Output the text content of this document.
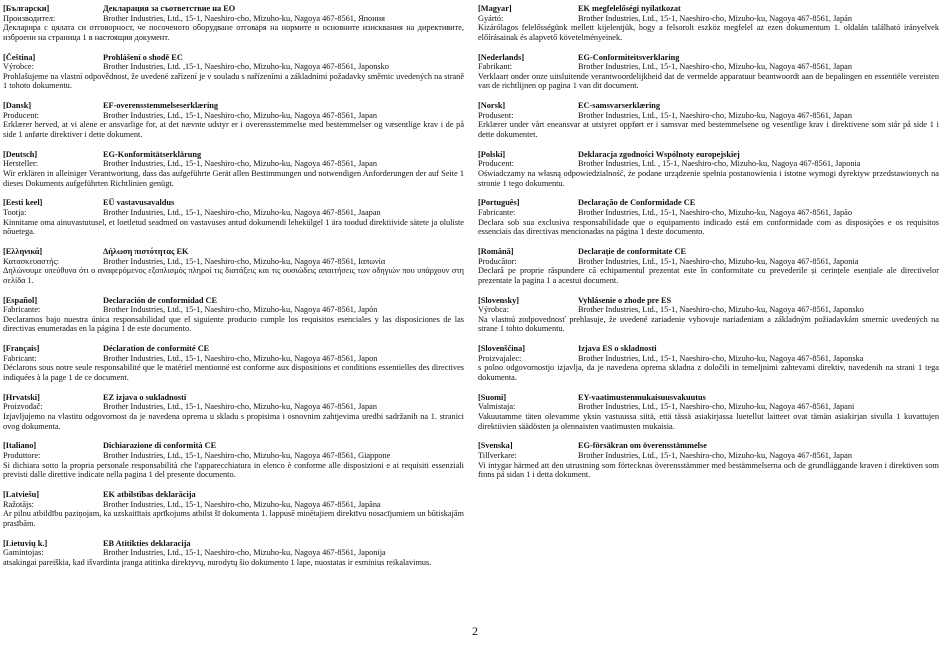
[Български]	Декларация за съответствие на ЕО
Производител:	Brother Industries, Ltd., 15-1, Naeshiro-cho, Mizuho-ku, Nagoya 467-8561, Япония
Декларира с цялата си отговорност, че посоченото оборудване отговаря на нормите и основните изисквания на директивите, изброени на страница 1 в настоящия документ.
[Čeština]	Prohlášení o shodě EC
Výrobce:	Brother Industries, Ltd. ,15-1, Naeshiro-cho, Mizuho-ku, Nagoya 467-8561, Japonsko
Prohlašujeme na vlastní odpovědnost, že uvedené zařízení je v souladu s nařízeními a základními požadavky směrnic uvedených na straně 1 tohoto dokumentu.
[Dansk]	EF-overensstemmelseserklæring
Producent:	Brother Industries, Ltd., 15-1, Naeshiro-cho, Mizuho-ku, Nagoya 467-8561, Japan
Erklærer herved, at vi alene er ansvarlige for, at det nævnte udstyr er i overensstemmelse med bestemmelser og væsentlige krav i de på side 1 anførte direktiver i dette dokument.
[Deutsch]	EG-Konformitätserklärung
Hersteller:	Brother Industries, Ltd., 15-1, Naeshiro-cho, Mizuho-ku, Nagoya 467-8561, Japan
Wir erklären in alleiniger Verantwortung, dass das aufgeführte Gerät allen Bestimmungen und notwendigen Anforderungen der auf Seite 1 dieses Dokuments aufgeführten Richtlinien genügt.
[Eesti keel]	EÜ vastavusavaldus
Tootja:	Brother Industries, Ltd., 15-1, Naeshiro-cho, Mizuho-ku, Nagoya 467-8561, Jaapan
Kinnitame oma ainuvastutusel, et loetletud seadmed on vastavuses antud dokumendi lehekülgel 1 ära toodud direktiivide sätete ja oluliste nõuetega.
[Ελληνικά]	Δήλωση πιστότητας ΕΚ
Κατασκευαστής:	Brother Industries, Ltd., 15-1, Naeshiro-cho, Mizuho-ku, Nagoya 467-8561, Ιαπωνία
Δηλώνουμε υπεύθυνα ότι ο αναφερόμενος εξοπλισμός πληροί τις διατάξεις και τις ουσιώδεις απαιτήσεις των οδηγιών που υπάρχουν στη σελίδα 1.
[Español]	Declaración de conformidad CE
Fabricante:	Brother Industries, Ltd., 15-1, Naeshiro-cho, Mizuho-ku, Nagoya 467-8561, Japón
Declaramos bajo nuestra única responsabilidad que el siguiente producto cumple los requisitos esenciales y las disposiciones de las directivas enumeradas en la página 1 de este documento.
[Français]	Déclaration de conformité CE
Fabricant:	Brother Industries, Ltd., 15-1, Naeshiro-cho, Mizuho-ku, Nagoya 467-8561, Japon
Déclarons sous notre seule responsabilité que le matériel mentionné est conforme aux dispositions et conditions essentielles des directives indiquées à la page 1 de ce document.
[Hrvatski]	EZ izjava o sukladnosti
Proizvođač:	Brother Industries, Ltd., 15-1, Naeshiro-cho, Mizuho-ku, Nagoya 467-8561, Japan
Izjavljujemo na vlastitu odgovornost da je navedena oprema u skladu s propisima i osnovnim zahtjevima uredbi sadržanih na 1. stranici ovog dokumenta.
[Italiano]	Dichiarazione di conformità CE
Produttore:	Brother Industries, Ltd., 15-1, Naeshiro-cho, Mizuho-ku, Nagoya 467-8561, Giappone
Si dichiara sotto la propria personale responsabilità che l'apparecchiatura in elenco è conforme alle disposizioni e ai requisiti essenziali previsti dalle direttive indicate nella pagina 1 del presente documento.
[Latviešu]	EK atbilstības deklarācija
Ražotājs:	Brother Industries, Ltd., 15-1, Naeshiro-cho, Mizuho-ku, Nagoya 467-8561, Japāna
Ar pilnu atbildību paziņojam, ka uzskaitītais aprīkojums atbilst šī dokumenta 1. lappusē minētajiem direktīvu nosacījumiem un būtiskajām prasībām.
[Lietuvių k.]	EB Atitikties deklaracija
Gamintojas:	Brother Industries, Ltd., 15-1, Naeshiro-cho, Mizuho-ku, Nagoya 467-8561, Japonija
atsakingai pareiškia, kad išvardinta įranga atitinka direktyvų, nurodytų šio dokumento 1 lape, nuostatas ir esminius reikalavimus.
[Magyar]	EK megfelelőségi nyilatkozat
Gyártó:	Brother Industries, Ltd., 15-1, Naeshiro-cho, Mizuho-ku, Nagoya 467-8561, Japán
Kizárólagos felelősségünk mellett kijelentjük, hogy a felsorolt eszköz megfelel az ezen dokumentum 1. oldalán található irányelvek előírásainak és alapvető követelményeinek.
[Nederlands]	EG-Conformiteitsverklaring
Fabrikant:	Brother Industries, Ltd., 15-1, Naeshiro-cho, Mizuho-ku, Nagoya 467-8561, Japan
Verklaart onder onze uitsluitende verantwoordelijkheid dat de vermelde apparatuur beantwoordt aan de bepalingen en essentiële vereisten van de richtlijnen op pagina 1 van dit document.
[Norsk]	EC-samsvarserklæring
Produsent:	Brother Industries, Ltd., 15-1, Naeshiro-cho, Mizuho-ku, Nagoya 467-8561, Japan
Erklærer under vårt eneansvar at utstyret oppført er i samsvar med bestemmelsene og vesentlige krav i direktivene som står på side 1 i dette dokumentet.
[Polski]	Deklaracja zgodności Wspólnoty europejskiej
Producent:	Brother Industries, Ltd. , 15-1, Naeshiro-cho, Mizuho-ku, Nagoya 467-8561, Japonia
Oświadczamy na własną odpowiedzialność, że podane urządzenie spełnia postanowienia i istotne wymogi dyrektyw przedstawionych na stronie 1 tego dokumentu.
[Português]	Declaração de Conformidade CE
Fabricante:	Brother Industries, Ltd., 15-1, Naeshiro-cho, Mizuho-ku, Nagoya 467-8561, Japão
Declara sob sua exclusiva responsabilidade que o equipamento indicado está em conformidade com as disposições e os requisitos essenciais das directivas mencionadas na página 1 deste documento.
[Română]	Declarație de conformitate CE
Producător:	Brother Industries, Ltd., 15-1, Naeshiro-cho, Mizuho-ku, Nagoya 467-8561, Japonia
Declară pe proprie răspundere că echipamentul prezentat este în conformitate cu prevederile și cerințele esențiale ale directivelor prezentate la pagina 1 a acestui document.
[Slovensky]	Vyhlásenie o zhode pre ES
Výrobca:	Brother Industries, Ltd., 15-1, Naeshiro-cho, Mizuho-ku, Nagoya 467-8561, Japonsko
Na vlastnú zodpovednosť prehlasuje, že uvedené zariadenie vyhovuje nariadeniam a základným požiadavkám smerníc uvedených na strane 1 tohto dokumentu.
[Slovenščina]	Izjava ES o skladnosti
Proizvajalec:	Brother Industries, Ltd., 15-1, Naeshiro-cho, Mizuho-ku, Nagoya 467-8561, Japonska
s polno odgovornostjo izjavlja, da je navedena oprema skladna z določili in temeljnimi zahtevami direktiv, navedenih na strani 1 tega dokumenta.
[Suomi]	EY-vaatimustenmukaisuusvakuutus
Valmistaja:	Brother Industries, Ltd., 15-1, Naeshiro-cho, Mizuho-ku, Nagoya 467-8561, Japani
Vakuutamme täten olevamme yksin vastuussa siitä, että tässä asiakirjassa luetellut laitteet ovat tämän asiakirjan sivulla 1 kuvattujen direktiivien säädösten ja olennaisten vaatimusten mukaisia.
[Svenska]	EG-försäkran om överensstämmelse
Tillverkare:	Brother Industries, Ltd., 15-1, Naeshiro-cho, Mizuho-ku, Nagoya 467-8561, Japan
Vi intygar härmed att den utrustning som förtecknas överensstämmer med bestämmelserna och de grundläggande kraven i direktiven som finns på sidan 1 i detta dokument.
2
